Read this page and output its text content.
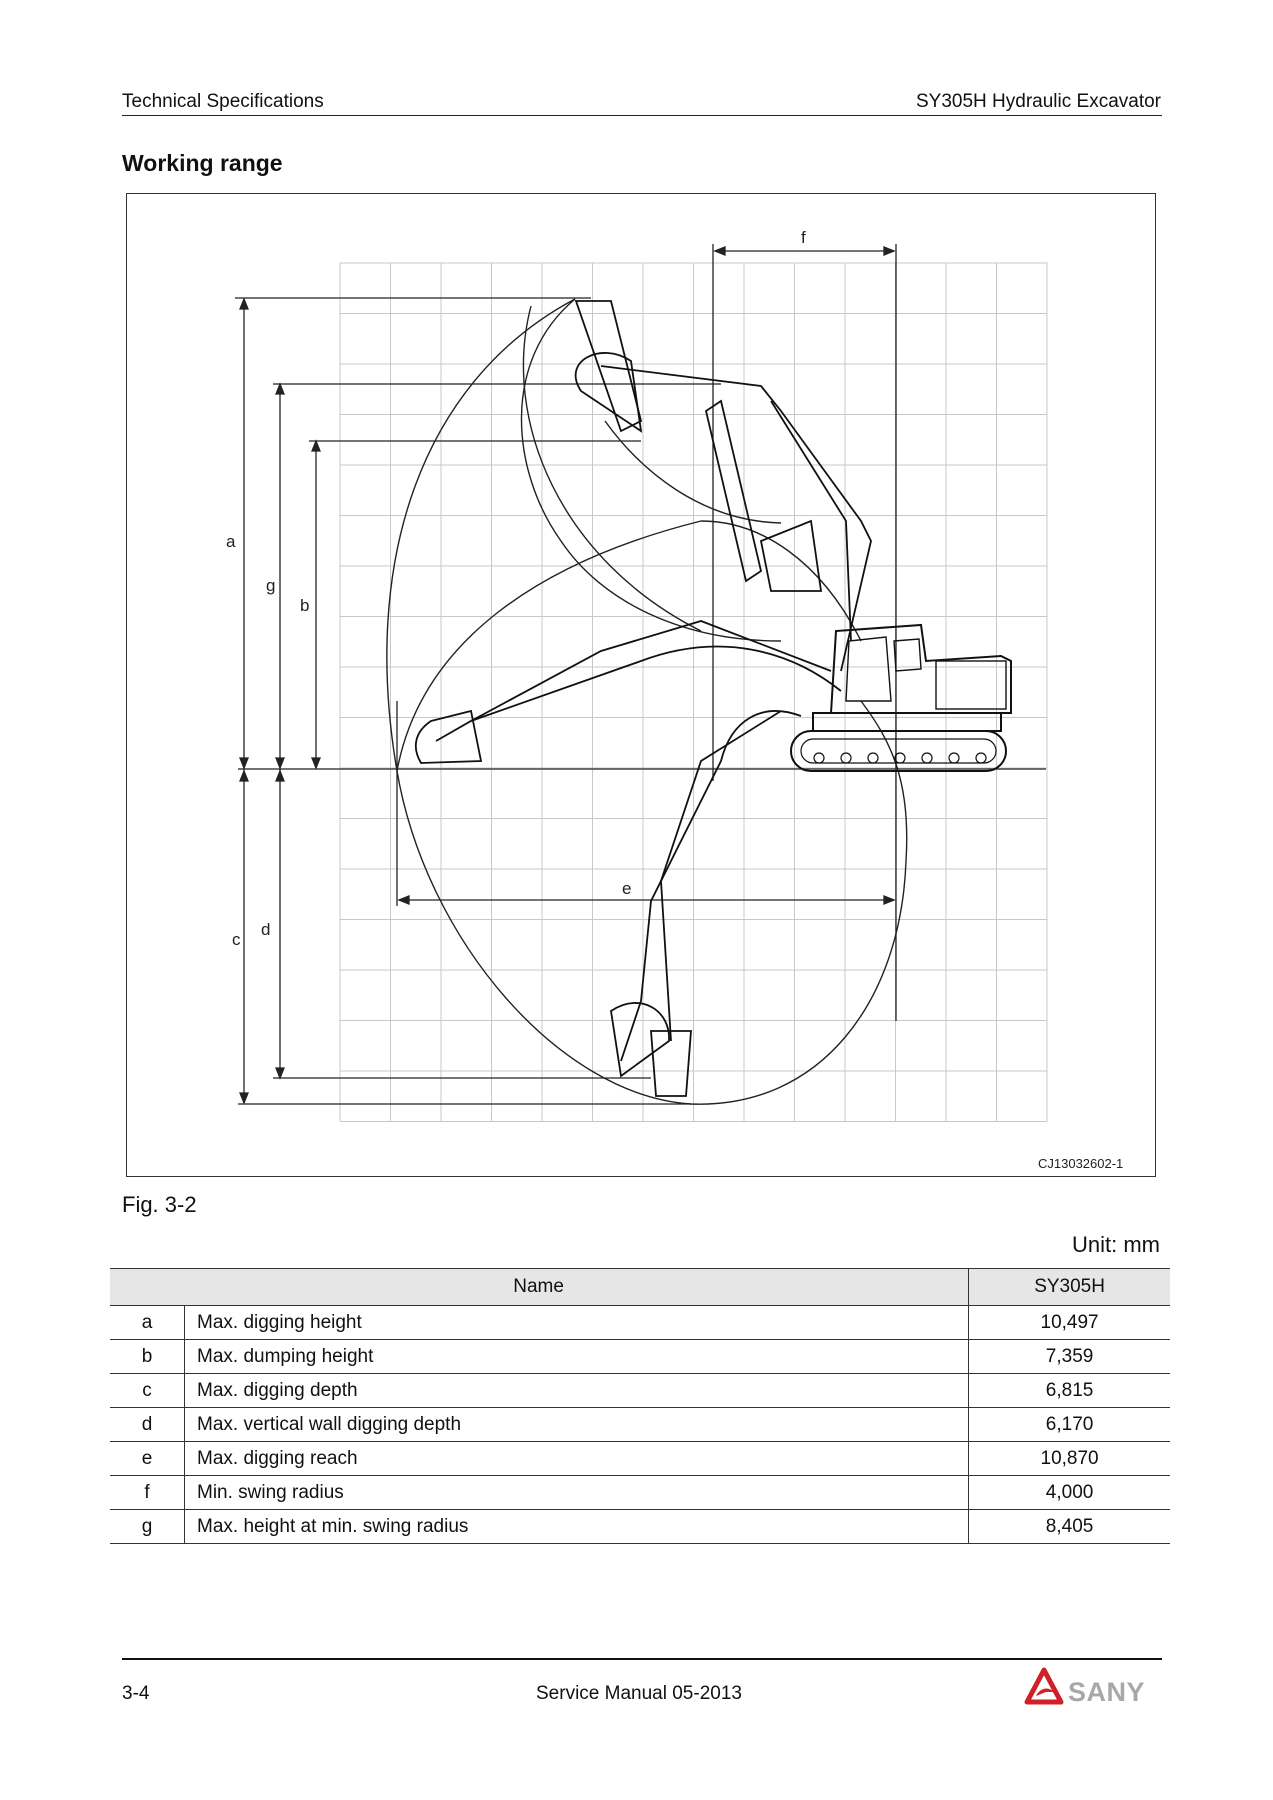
Technical Specifications	SY305H Hydraulic Excavator
Working range
f
a
g
b
e
c
d
CJ13032602-1
Fig. 3-2
Unit: mm
Name		SY305H
a	Max. digging height	10,497
b	Max. dumping height	7,359
c	Max. digging depth	6,815
d	Max. vertical wall digging depth	6,170
e	Max. digging reach	10,870
f	Min. swing radius	4,000
g	Max. height at min. swing radius	8,405
3-4	Service Manual 05-2013	SANY
